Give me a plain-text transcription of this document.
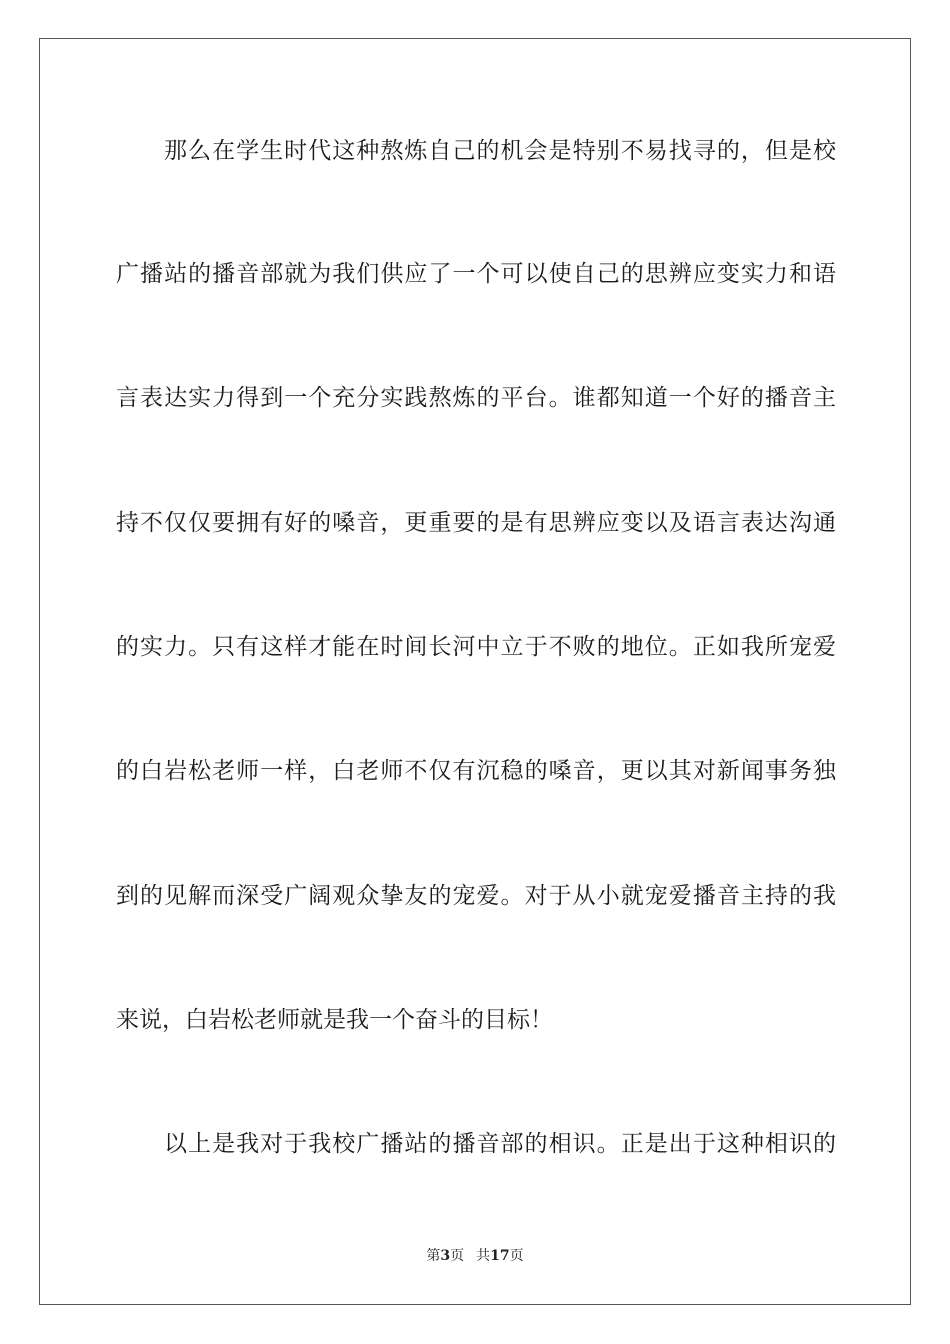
那么在学生时代这种熬炼自己的机会是特别不易找寻的，但是校
广播站的播音部就为我们供应了一个可以使自己的思辨应变实力和语
言表达实力得到一个充分实践熬炼的平台。谁都知道一个好的播音主
持不仅仅要拥有好的嗓音，更重要的是有思辨应变以及语言表达沟通
的实力。只有这样才能在时间长河中立于不败的地位。正如我所宠爱
的白岩松老师一样，白老师不仅有沉稳的嗓音，更以其对新闻事务独
到的见解而深受广阔观众挚友的宠爱。对于从小就宠爱播音主持的我
来说，白岩松老师就是我一个奋斗的目标！
以上是我对于我校广播站的播音部的相识。正是出于这种相识的
第3页 共17页
